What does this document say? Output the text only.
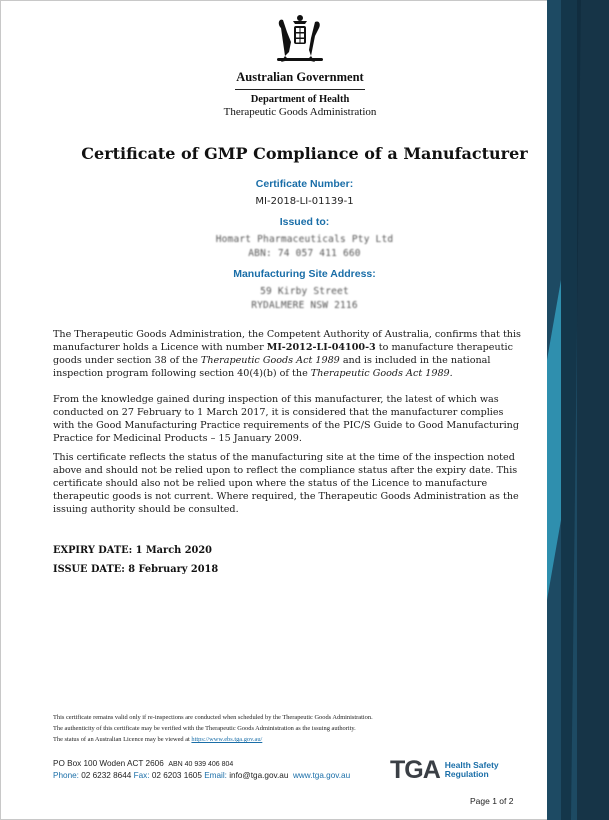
Australian Government
Department of Health
Therapeutic Goods Administration
Certificate of GMP Compliance of a Manufacturer
Certificate Number:
MI-2018-LI-01139-1
Issued to:
Homart Pharmaceuticals Pty Ltd
ABN: 74 057 411 660
Manufacturing Site Address:
59 Kirby Street
RYDALMERE NSW 2116

The Therapeutic Goods Administration, the Competent Authority of Australia, confirms that this manufacturer holds a Licence with number MI-2012-LI-04100-3 to manufacture therapeutic goods under section 38 of the Therapeutic Goods Act 1989 and is included in the national inspection program following section 40(4)(b) of the Therapeutic Goods Act 1989.

From the knowledge gained during inspection of this manufacturer, the latest of which was conducted on 27 February to 1 March 2017, it is considered that the manufacturer complies with the Good Manufacturing Practice requirements of the PIC/S Guide to Good Manufacturing Practice for Medicinal Products – 15 January 2009.

This certificate reflects the status of the manufacturing site at the time of the inspection noted above and should not be relied upon to reflect the compliance status after the expiry date. This certificate should also not be relied upon where the status of the Licence to manufacture therapeutic goods is not current. Where required, the Therapeutic Goods Administration as the issuing authority should be consulted.

EXPIRY DATE: 1 March 2020
ISSUE DATE: 8 February 2018
This certificate remains valid only if re-inspections are conducted when scheduled by the Therapeutic Goods Administration.
The authenticity of this certificate may be verified with the Therapeutic Goods Administration as the issuing authority.
The status of an Australian Licence may be viewed at https://www.ebs.tga.gov.au/
PO Box 100 Woden ACT 2606 ABN 40 939 406 804
Phone: 02 6232 8644 Fax: 02 6203 1605 Email: info@tga.gov.au www.tga.gov.au TGA Health Safety
Regulation
Page 1 of 2
